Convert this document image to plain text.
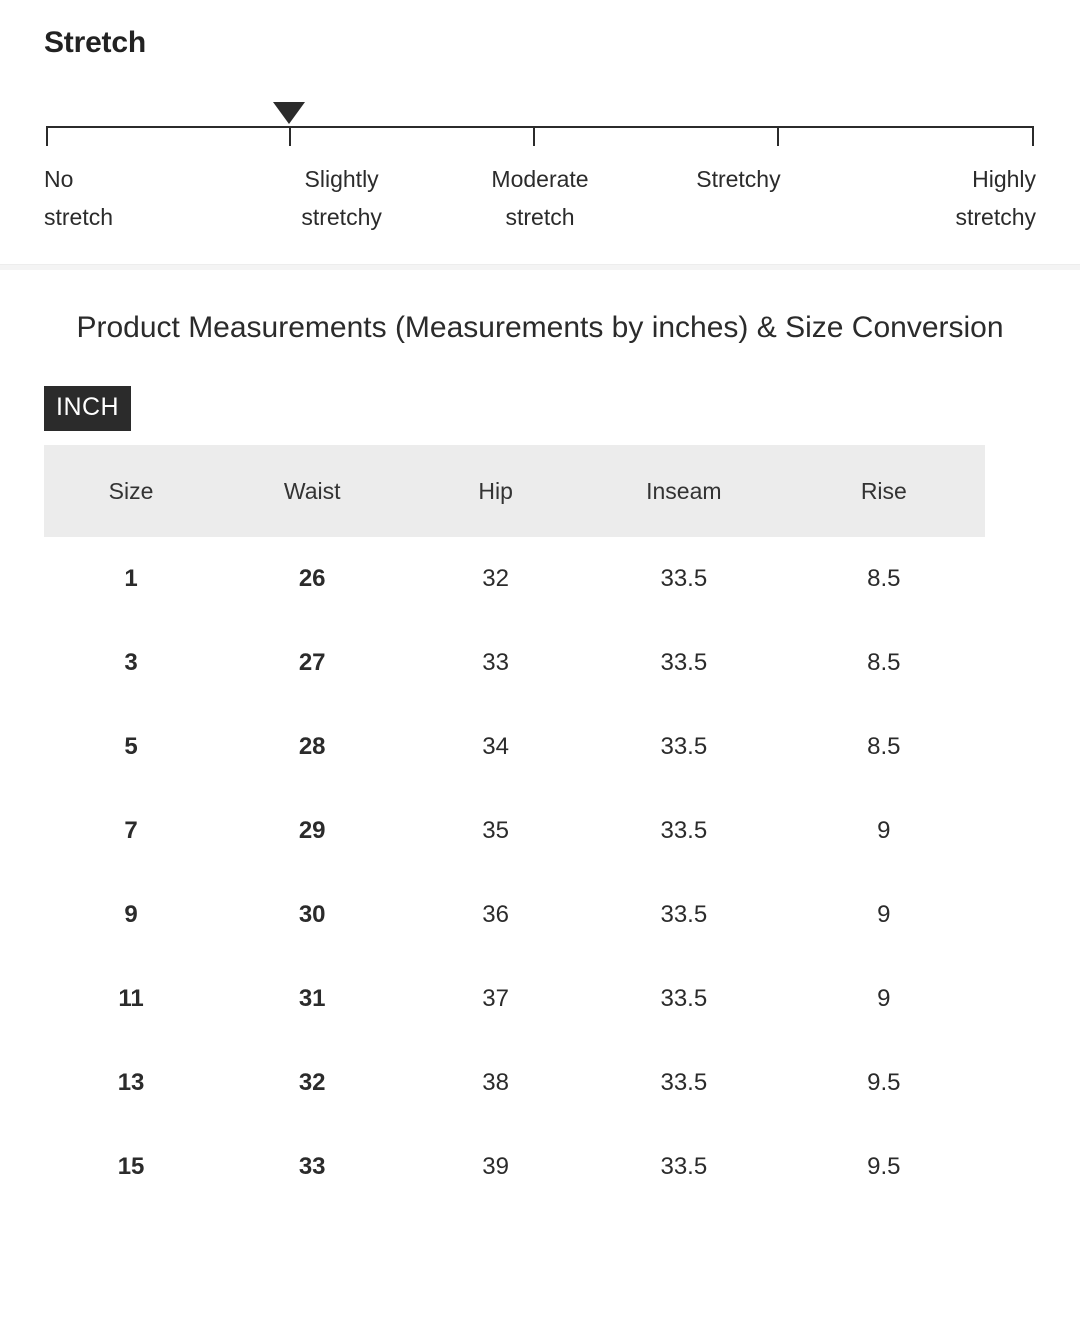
Stretch
No
stretch
Slightly
stretchy
Moderate
stretch
Stretchy	Highly
stretchy
Product Measurements (Measurements by inches) & Size Conversion
INCH
Size	Waist	Hip	Inseam	Rise
1	26	32	33.5	8.5
3	27	33	33.5	8.5
5	28	34	33.5	8.5
7	29	35	33.5	9
9	30	36	33.5	9
11	31	37	33.5	9
13	32	38	33.5	9.5
15	33	39	33.5	9.5
